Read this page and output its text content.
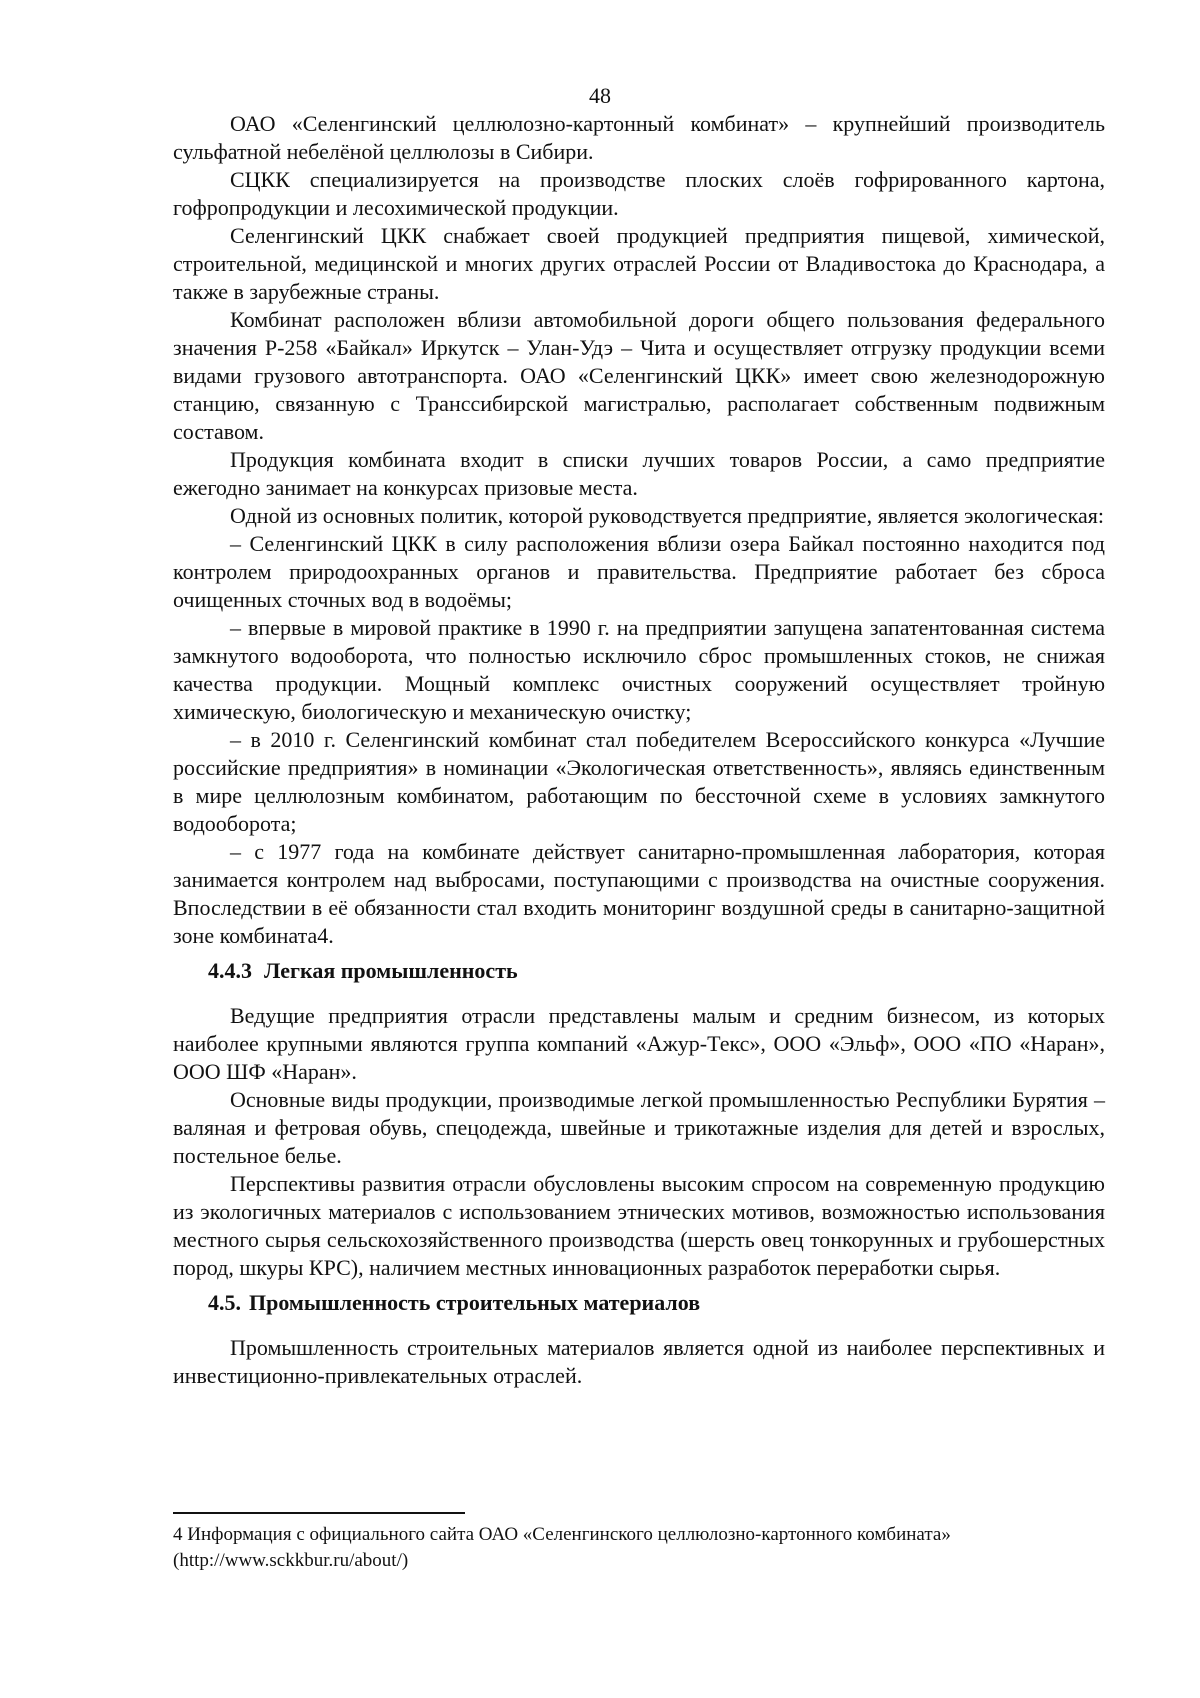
48

ОАО «Селенгинский целлюлозно-картонный комбинат» – крупнейший производитель сульфатной небелёной целлюлозы в Сибири.

СЦКК специализируется на производстве плоских слоёв гофрированного картона, гофропродукции и лесохимической продукции.

Селенгинский ЦКК снабжает своей продукцией предприятия пищевой, химической, строительной, медицинской и многих других отраслей России от Владивостока до Краснодара, а также в зарубежные страны.

Комбинат расположен вблизи автомобильной дороги общего пользования федерального значения Р-258 «Байкал» Иркутск – Улан-Удэ – Чита и осуществляет отгрузку продукции всеми видами грузового автотранспорта. ОАО «Селенгинский ЦКК» имеет свою железнодорожную станцию, связанную с Транссибирской магистралью, располагает собственным подвижным составом.

Продукция комбината входит в списки лучших товаров России, а само предприятие ежегодно занимает на конкурсах призовые места.

Одной из основных политик, которой руководствуется предприятие, является экологическая:

– Селенгинский ЦКК в силу расположения вблизи озера Байкал постоянно находится под контролем природоохранных органов и правительства. Предприятие работает без сброса очищенных сточных вод в водоёмы;

– впервые в мировой практике в 1990 г. на предприятии запущена запатентованная система замкнутого водооборота, что полностью исключило сброс промышленных стоков, не снижая качества продукции. Мощный комплекс очистных сооружений осуществляет тройную химическую, биологическую и механическую очистку;

– в 2010 г. Селенгинский комбинат стал победителем Всероссийского конкурса «Лучшие российские предприятия» в номинации «Экологическая ответственность», являясь единственным в мире целлюлозным комбинатом, работающим по бессточной схеме в условиях замкнутого водооборота;

– с 1977 года на комбинате действует санитарно-промышленная лаборатория, которая занимается контролем над выбросами, поступающими с производства на очистные сооружения. Впоследствии в её обязанности стал входить мониторинг воздушной среды в санитарно-защитной зоне комбината4.

4.4.3 Легкая промышленность

Ведущие предприятия отрасли представлены малым и средним бизнесом, из которых наиболее крупными являются группа компаний «Ажур-Текс», ООО «Эльф», ООО «ПО «Наран», ООО ШФ «Наран».

Основные виды продукции, производимые легкой промышленностью Республики Бурятия – валяная и фетровая обувь, спецодежда, швейные и трикотажные изделия для детей и взрослых, постельное белье.

Перспективы развития отрасли обусловлены высоким спросом на современную продукцию из экологичных материалов с использованием этнических мотивов, возможностью использования местного сырья сельскохозяйственного производства (шерсть овец тонкорунных и грубошерстных пород, шкуры КРС), наличием местных инновационных разработок переработки сырья.

4.5. Промышленность строительных материалов

Промышленность строительных материалов является одной из наиболее перспективных и инвестиционно-привлекательных отраслей.

4 Информация с официального сайта ОАО «Селенгинского целлюлозно-картонного комбината»

(http://www.sckkbur.ru/about/)
